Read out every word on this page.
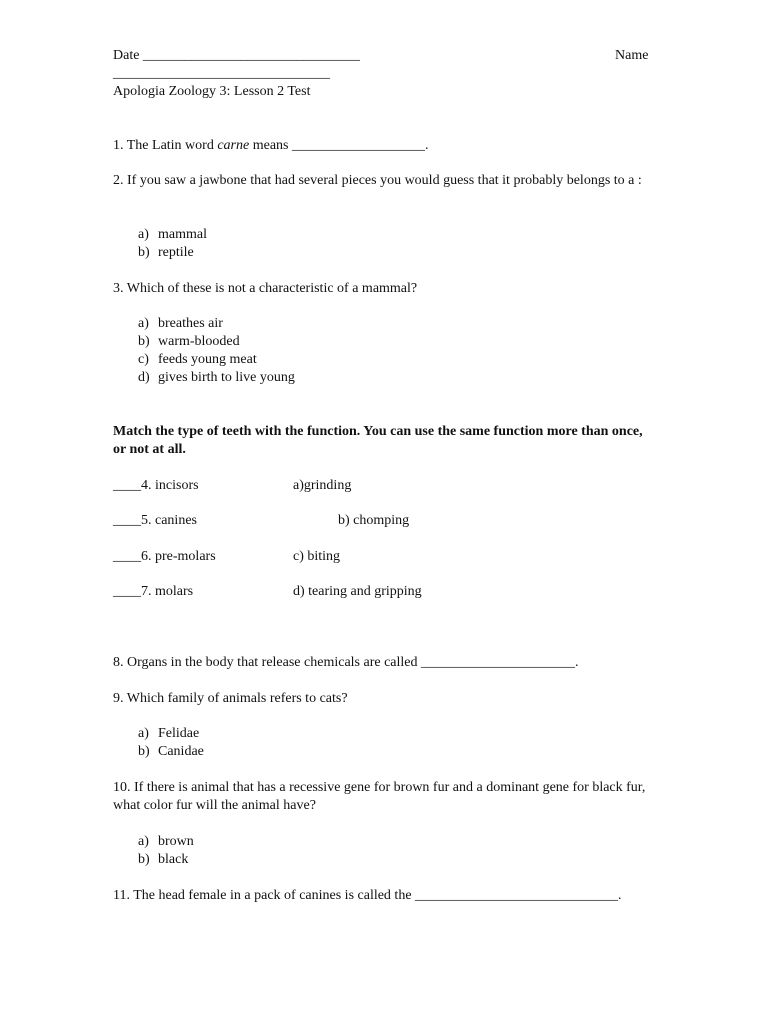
Date _______________________________	Name
_______________________________
Apologia Zoology 3: Lesson 2 Test
1. The Latin word carne means ___________________.
2. If you saw a jawbone that had several pieces you would guess that it probably belongs to a :
a) mammal
b) reptile
3. Which of these is not a characteristic of a mammal?
a) breathes air
b) warm-blooded
c) feeds young meat
d) gives birth to live young
Match the type of teeth with the function. You can use the same function more than once, or not at all.
____4. incisors	a)grinding
____5. canines	b) chomping
____6. pre-molars	c) biting
____7. molars	d) tearing and gripping
8. Organs in the body that release chemicals are called ______________________.
9. Which family of animals refers to cats?
a) Felidae
b) Canidae
10. If there is animal that has a recessive gene for brown fur and a dominant gene for black fur, what color fur will the animal have?
a) brown
b) black
11. The head female in a pack of canines is called the _____________________________.
